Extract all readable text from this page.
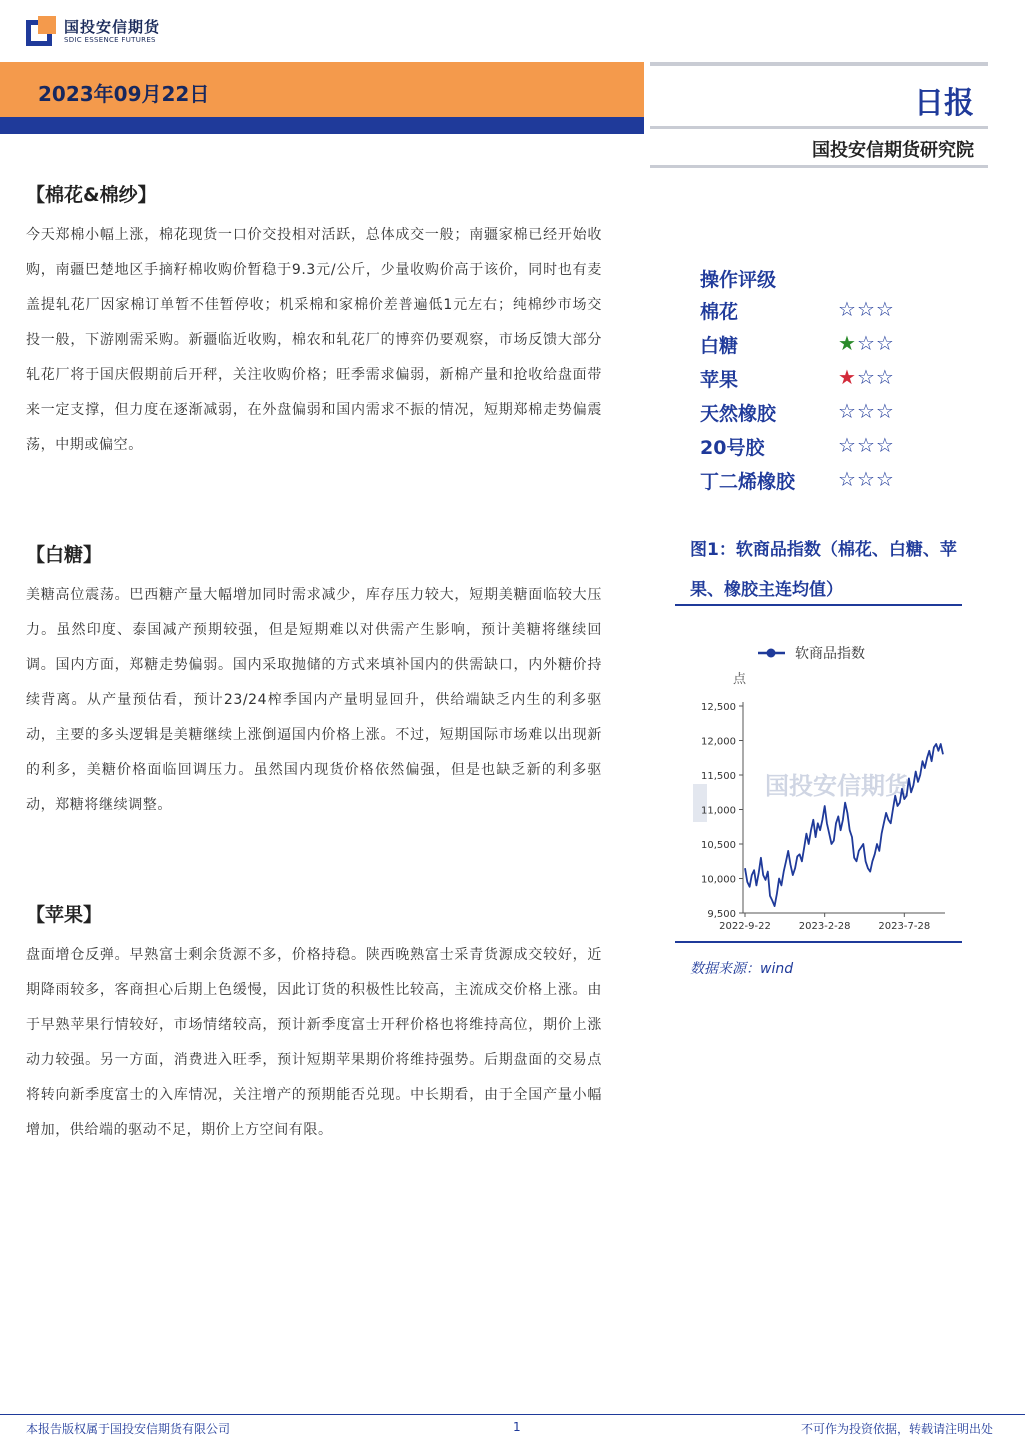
国投安信期货
SDIC ESSENCE FUTURES
2023年09月22日	日报
国投安信期货研究院
【棉花&棉纱】
今天郑棉小幅上涨，棉花现货一口价交投相对活跃，总体成交一般；南疆家棉已经开始收购，南疆巴楚地区手摘籽棉收购价暂稳于9.3元/公斤，少量收购价高于该价，同时也有麦盖提轧花厂因家棉订单暂不佳暂停收；机采棉和家棉价差普遍低1元左右；纯棉纱市场交投一般，下游刚需采购。新疆临近收购，棉农和轧花厂的博弈仍要观察，市场反馈大部分轧花厂将于国庆假期前后开秤，关注收购价格；旺季需求偏弱，新棉产量和抢收给盘面带来一定支撑，但力度在逐渐减弱，在外盘偏弱和国内需求不振的情况，短期郑棉走势偏震荡，中期或偏空。
【白糖】
美糖高位震荡。巴西糖产量大幅增加同时需求减少，库存压力较大，短期美糖面临较大压力。虽然印度、泰国减产预期较强，但是短期难以对供需产生影响，预计美糖将继续回调。国内方面，郑糖走势偏弱。国内采取抛储的方式来填补国内的供需缺口，内外糖价持续背离。从产量预估看，预计23/24榨季国内产量明显回升，供给端缺乏内生的利多驱动，主要的多头逻辑是美糖继续上涨倒逼国内价格上涨。不过，短期国际市场难以出现新的利多，美糖价格面临回调压力。虽然国内现货价格依然偏强，但是也缺乏新的利多驱动，郑糖将继续调整。
【苹果】
盘面增仓反弹。早熟富士剩余货源不多，价格持稳。陕西晚熟富士采青货源成交较好，近期降雨较多，客商担心后期上色缓慢，因此订货的积极性比较高，主流成交价格上涨。由于早熟苹果行情较好，市场情绪较高，预计新季度富士开秤价格也将维持高位，期价上涨动力较强。另一方面，消费进入旺季，预计短期苹果期价将维持强势。后期盘面的交易点将转向新季度富士的入库情况，关注增产的预期能否兑现。中长期看，由于全国产量小幅增加，供给端的驱动不足，期价上方空间有限。
操作评级
棉花	☆☆☆
白糖	★☆☆
苹果	★☆☆
天然橡胶	☆☆☆
20号胶	☆☆☆
丁二烯橡胶 ☆☆☆
图1：软商品指数（棉花、白糖、苹果、橡胶主连均值）
国投安信期货
软商品指数
点
9,500
10,000
10,500
11,000
11,500
12,000
12,500
2022-9-22	2023-2-28	2023-7-28
数据来源：wind
本报告版权属于国投安信期货有限公司	1	不可作为投资依据，转载请注明出处
